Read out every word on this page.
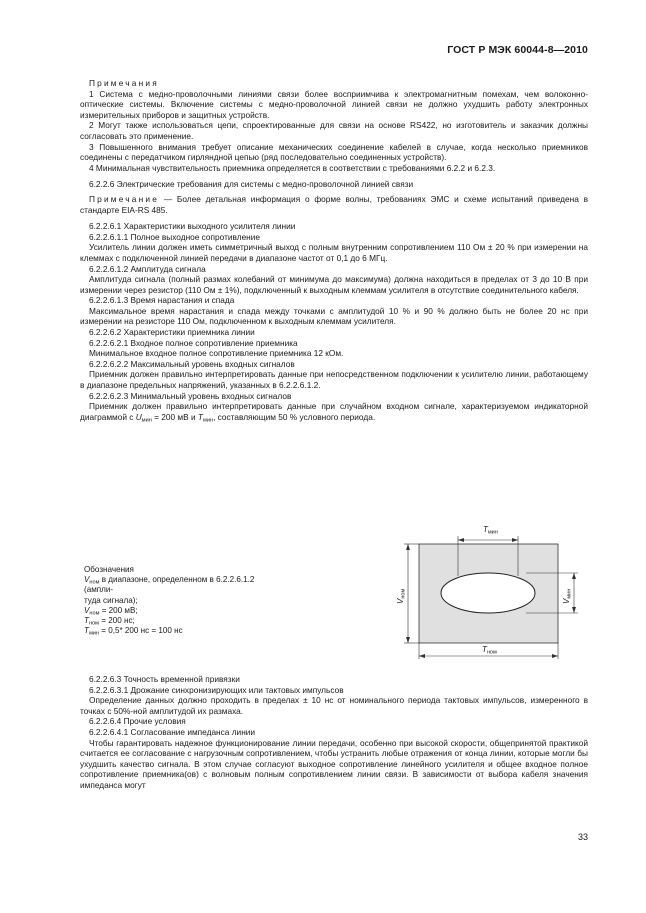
ГОСТ Р МЭК 60044-8—2010

Примечания

1 Система с медно-проволочными линиями связи более восприимчива к электромагнитным помехам, чем волоконно-оптические системы. Включение системы с медно-проволочной линией связи не должно ухудшить работу электронных измерительных приборов и защитных устройств.

2 Могут также использоваться цепи, спроектированные для связи на основе RS422, но изготовитель и заказчик должны согласовать это применение.

3 Повышенного внимания требует описание механических соединение кабелей в случае, когда несколько приемников соединены с передатчиком гирляндной цепью (ряд последовательно соединенных устройств).

4 Минимальная чувствительность приемника определяется в соответствии с требованиями 6.2.2 и 6.2.3.

6.2.2.6 Электрические требования для системы с медно-проволочной линией связи

Примечание — Более детальная информация о форме волны, требованиях ЭМС и схеме испытаний приведена в стандарте EIA-RS 485.

6.2.2.6.1 Характеристики выходного усилителя линии

6.2.2.6.1.1 Полное выходное сопротивление

Усилитель линии должен иметь симметричный выход с полным внутренним сопротивлением 110 Ом ± 20 % при измерении на клеммах с подключенной линией передачи в диапазоне частот от 0,1 до 6 МГц.

6.2.2.6.1.2 Амплитуда сигнала

Амплитуда сигнала (полный размах колебаний от минимума до максимума) должна находиться в пределах от 3 до 10 В при измерении через резистор (110 Ом ± 1%), подключенный к выходным клеммам усилителя в отсутствие соединительного кабеля.

6.2.2.6.1.3 Время нарастания и спада

Максимальное время нарастания и спада между точками с амплитудой 10 % и 90 % должно быть не более 20 нс при измерении на резисторе 110 Ом, подключенном к выходным клеммам усилителя.

6.2.2.6.2 Характеристики приемника линии

6.2.2.6.2.1 Входное полное сопротивление приемника

Минимальное входное полное сопротивление приемника 12 кОм.

6.2.2.6.2.2 Максимальный уровень входных сигналов

Приемник должен правильно интерпретировать данные при непосредственном подключении к усилителю линии, работающему в диапазоне предельных напряжений, указанных в 6.2.2.6.1.2.

6.2.2.6.2.3 Минимальный уровень входных сигналов

Приемник должен правильно интерпретировать данные при случайном входном сигнале, характеризуемом индикаторной диаграммой с $U_{мин} = 200$ мВ и $T_{мин}$, составляющим 50 % условного периода.

Обозначения

$V_{ном}$ в диапазоне, определенном в 6.2.2.6.1.2 (ампли-

туда сигнала);

$V_{ном} = 200$ мВ;

$T_{ном} = 200$ нс;

$T_{мин} = 0,5*$ 200 нс = 100 нс

Tмин
Tном
Vном
Vмин

6.2.2.6.3 Точность временной привязки

6.2.2.6.3.1 Дрожание синхронизирующих или тактовых импульсов

Определение данных должно проходить в пределах ± 10 нс от номинального периода тактовых импульсов, измеренного в точках с 50%-ной амплитудой их размаха.

6.2.2.6.4 Прочие условия

6.2.2.6.4.1 Согласование импеданса линии

Чтобы гарантировать надежное функционирование линии передачи, особенно при высокой скорости, общепринятой практикой считается ее согласование с нагрузочным сопротивлением, чтобы устранить любые отражения от конца линии, которые могли бы ухудшить качество сигнала. В этом случае согласуют выходное сопротивление линейного усилителя и общее входное полное сопротивление приемника(ов) с волновым полным сопротивлением линии связи. В зависимости от выбора кабеля значения импеданса могут

33
